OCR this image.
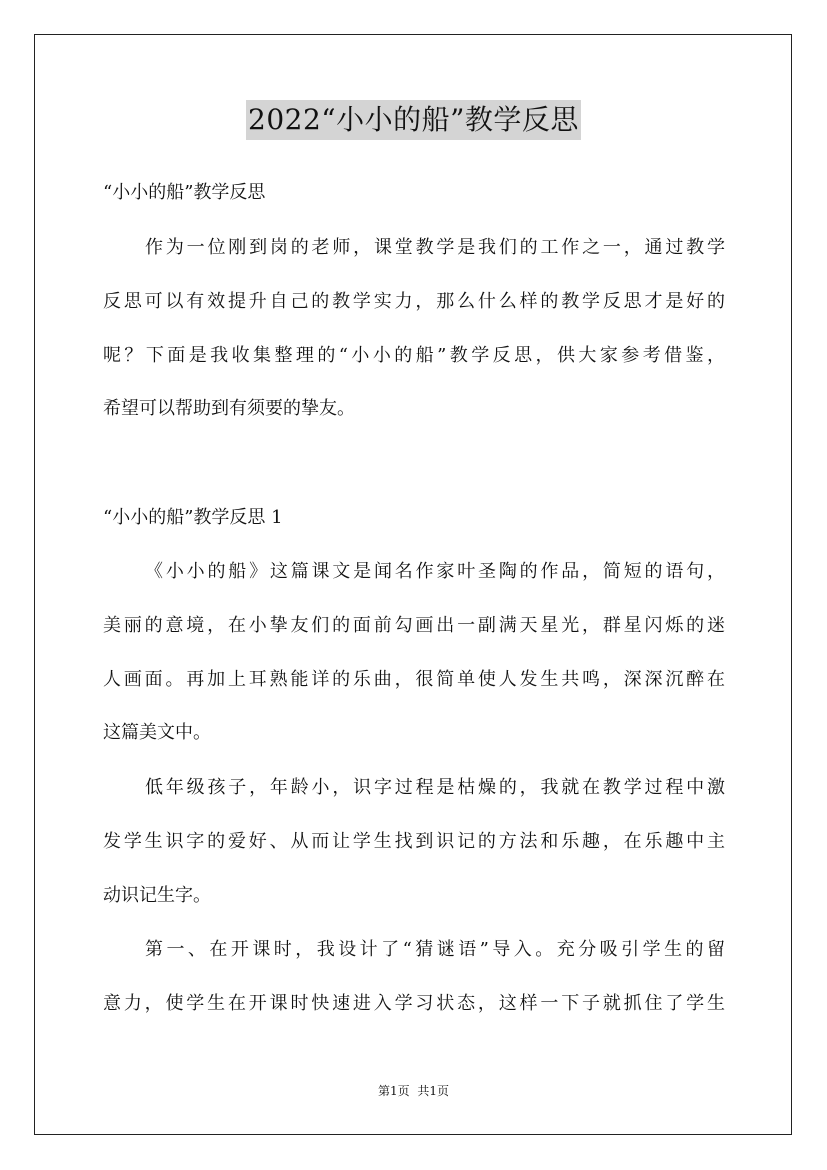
2022“小小的船”教学反思
“小小的船”教学反思
作为一位刚到岗的老师，课堂教学是我们的工作之一，通过教学
反思可以有效提升自己的教学实力，那么什么样的教学反思才是好的
呢？下面是我收集整理的“小小的船”教学反思，供大家参考借鉴，
希望可以帮助到有须要的挚友。
“小小的船”教学反思 1
《小小的船》这篇课文是闻名作家叶圣陶的作品，简短的语句，
美丽的意境，在小挚友们的面前勾画出一副满天星光，群星闪烁的迷
人画面。再加上耳熟能详的乐曲，很简单使人发生共鸣，深深沉醉在
这篇美文中。
低年级孩子，年龄小，识字过程是枯燥的，我就在教学过程中激
发学生识字的爱好、从而让学生找到识记的方法和乐趣，在乐趣中主
动识记生字。
第一、在开课时，我设计了“猜谜语”导入。充分吸引学生的留
意力，使学生在开课时快速进入学习状态，这样一下子就抓住了学生
第1页 共1页
